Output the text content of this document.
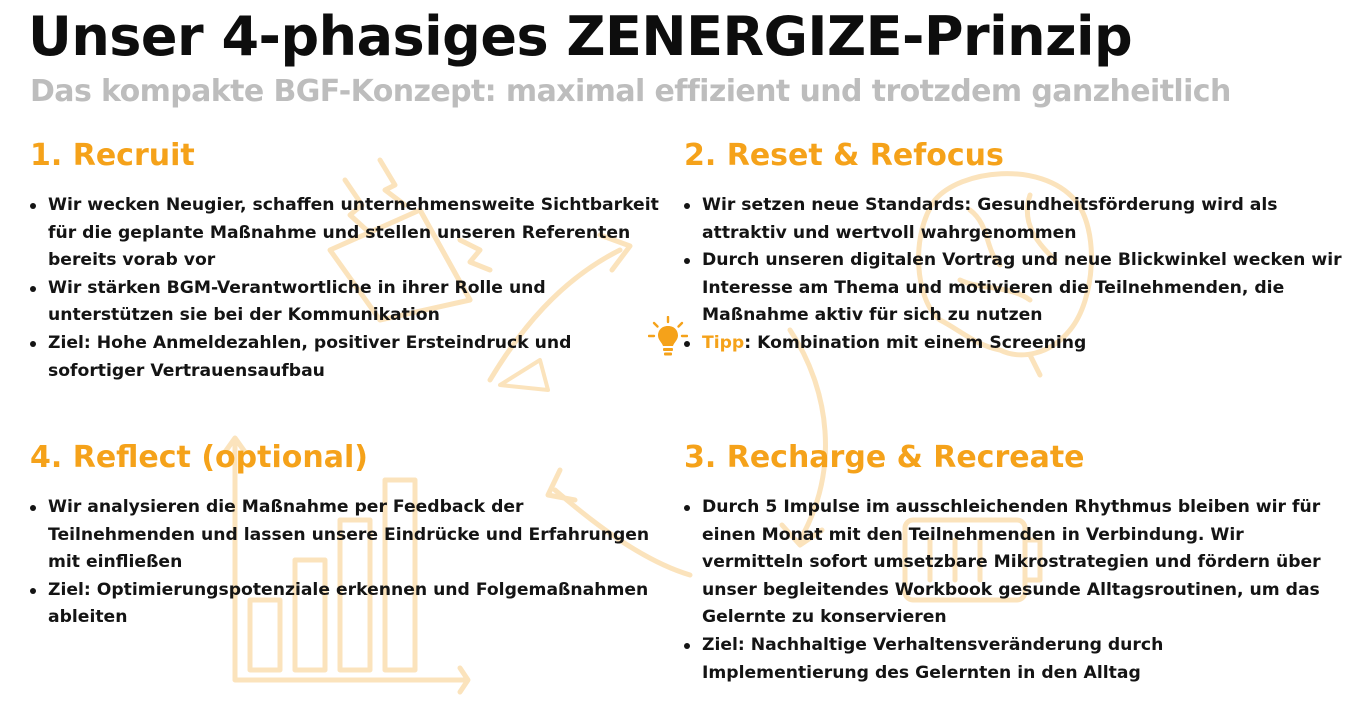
Unser 4-phasiges ZENERGIZE-Prinzip
Das kompakte BGF-Konzept: maximal effizient und trotzdem ganzheitlich
1. Recruit
Wir wecken Neugier, schaffen unternehmensweite Sichtbarkeit für die geplante Maßnahme und stellen unseren Referenten bereits vorab vor
Wir stärken BGM-Verantwortliche in ihrer Rolle und unterstützen sie bei der Kommunikation
Ziel: Hohe Anmeldezahlen, positiver Ersteindruck und sofortiger Vertrauensaufbau
2. Reset & Refocus
Wir setzen neue Standards: Gesundheitsförderung wird als attraktiv und wertvoll wahrgenommen
Durch unseren digitalen Vortrag und neue Blickwinkel wecken wir Interesse am Thema und motivieren die Teilnehmenden, die Maßnahme aktiv für sich zu nutzen
Tipp: Kombination mit einem Screening
4. Reflect (optional)
Wir analysieren die Maßnahme per Feedback der Teilnehmenden und lassen unsere Eindrücke und Erfahrungen mit einfließen
Ziel: Optimierungspotenziale erkennen und Folgemaßnahmen ableiten
3. Recharge & Recreate
Durch 5 Impulse im ausschleichenden Rhythmus bleiben wir für einen Monat mit den Teilnehmenden in Verbindung. Wir vermitteln sofort umsetzbare Mikrostrategien und fördern über unser begleitendes Workbook gesunde Alltagsroutinen, um das Gelernte zu konservieren
Ziel: Nachhaltige Verhaltensveränderung durch Implementierung des Gelernten in den Alltag
